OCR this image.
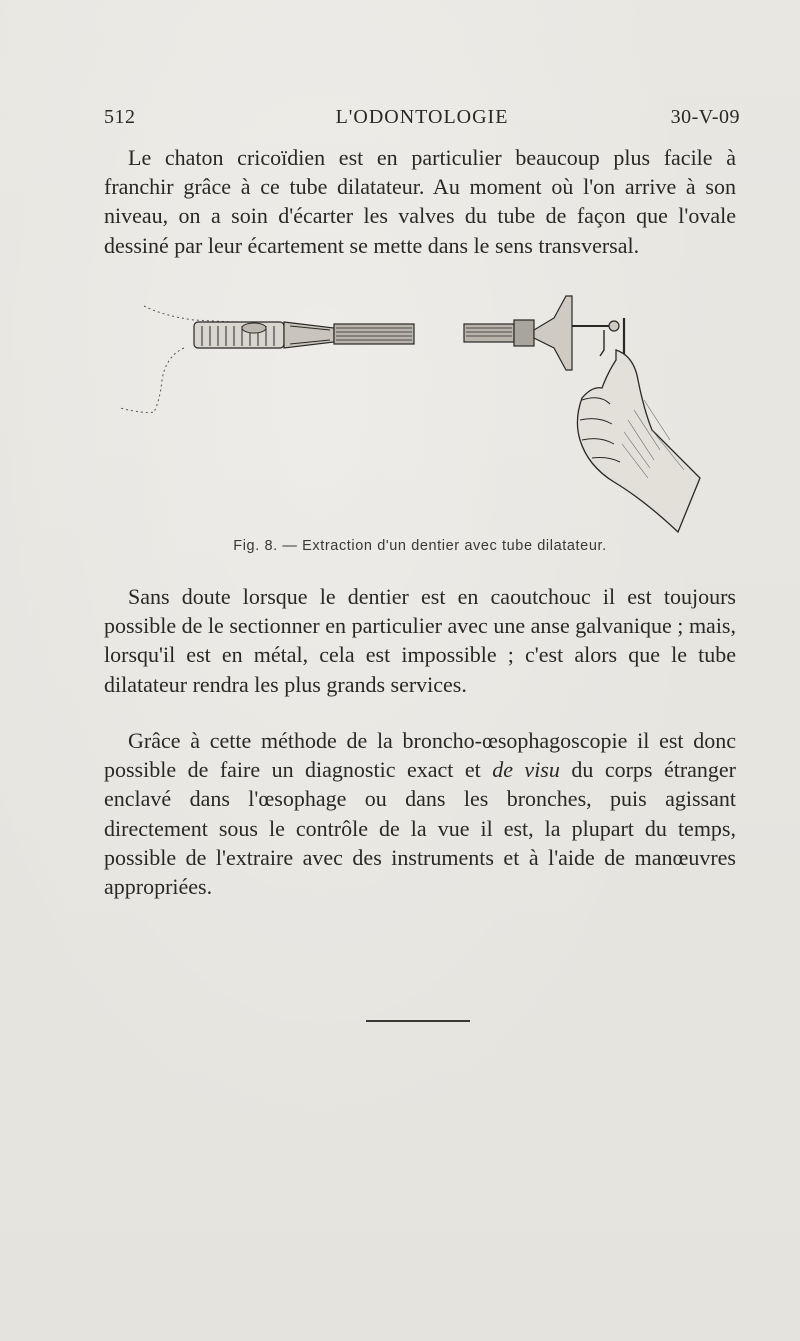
512	L'ODONTOLOGIE	30-V-09

Le chaton cricoïdien est en particulier beaucoup plus facile à franchir grâce à ce tube dilatateur. Au moment où l'on arrive à son niveau, on a soin d'écarter les valves du tube de façon que l'ovale dessiné par leur écartement se mette dans le sens transversal.

Fig. 8. — Extraction d'un dentier avec tube dilatateur.

Sans doute lorsque le dentier est en caoutchouc il est toujours possible de le sectionner en particulier avec une anse galvanique ; mais, lorsqu'il est en métal, cela est impossible ; c'est alors que le tube dilatateur rendra les plus grands services.

Grâce à cette méthode de la broncho-œsophagoscopie il est donc possible de faire un diagnostic exact et de visu du corps étranger enclavé dans l'œsophage ou dans les bronches, puis agissant directement sous le contrôle de la vue il est, la plupart du temps, possible de l'extraire avec des instruments et à l'aide de manœuvres appropriées.
